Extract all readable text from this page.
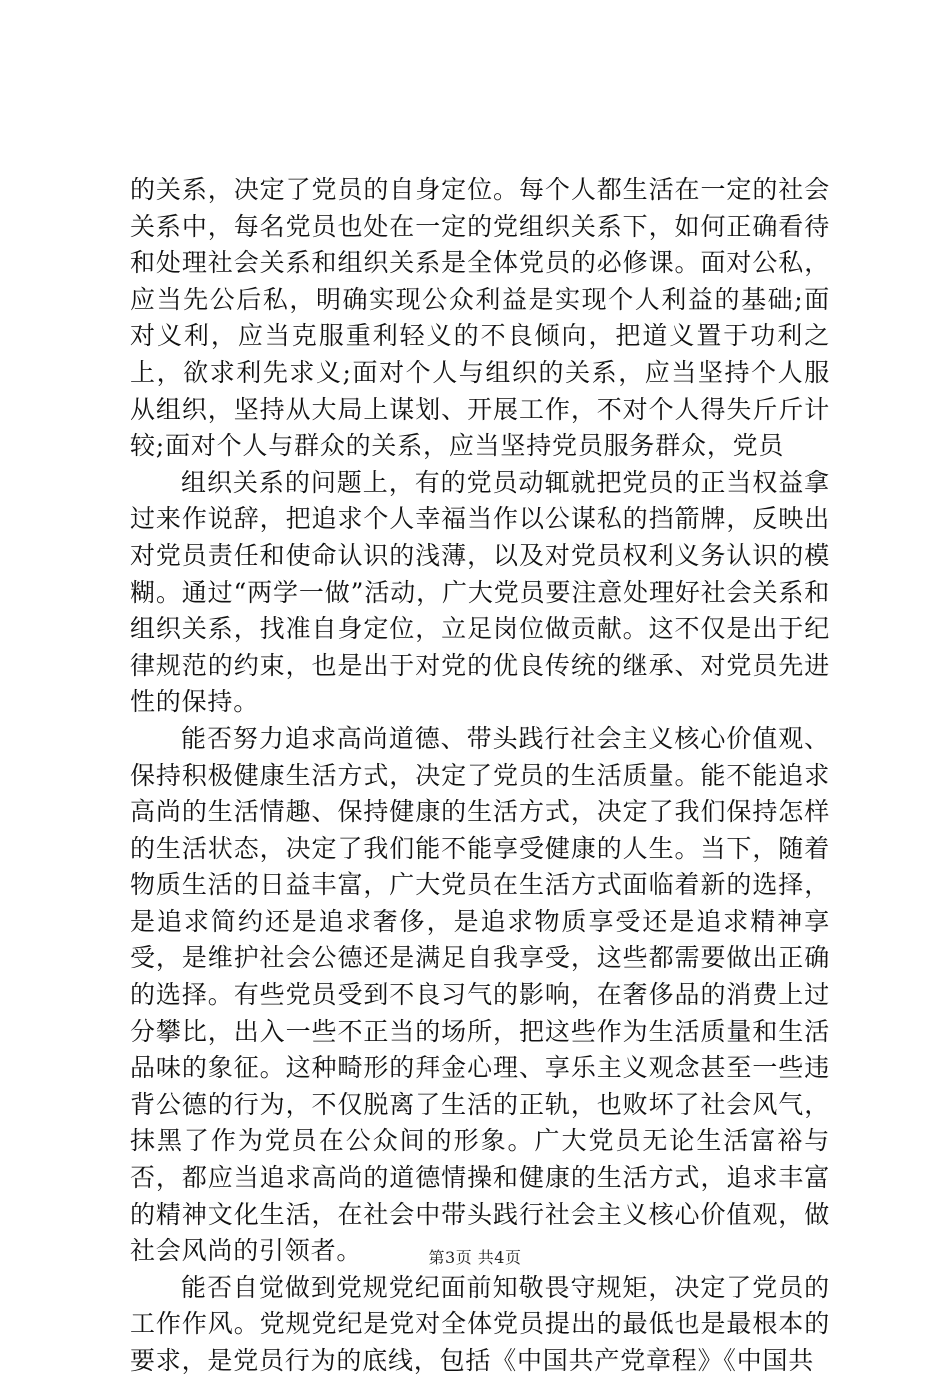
的关系，决定了党员的自身定位。每个人都生活在一定的社会关系中，每名党员也处在一定的党组织关系下，如何正确看待和处理社会关系和组织关系是全体党员的必修课。面对公私，应当先公后私，明确实现公众利益是实现个人利益的基础;面对义利，应当克服重利轻义的不良倾向，把道义置于功利之上，欲求利先求义;面对个人与组织的关系，应当坚持个人服从组织，坚持从大局上谋划、开展工作，不对个人得失斤斤计较;面对个人与群众的关系，应当坚持党员服务群众，党员

组织关系的问题上，有的党员动辄就把党员的正当权益拿过来作说辞，把追求个人幸福当作以公谋私的挡箭牌，反映出对党员责任和使命认识的浅薄，以及对党员权利义务认识的模糊。通过“两学一做”活动，广大党员要注意处理好社会关系和组织关系，找准自身定位，立足岗位做贡献。这不仅是出于纪律规范的约束，也是出于对党的优良传统的继承、对党员先进性的保持。

能否努力追求高尚道德、带头践行社会主义核心价值观、保持积极健康生活方式，决定了党员的生活质量。能不能追求高尚的生活情趣、保持健康的生活方式，决定了我们保持怎样的生活状态，决定了我们能不能享受健康的人生。当下，随着物质生活的日益丰富，广大党员在生活方式面临着新的选择，是追求简约还是追求奢侈，是追求物质享受还是追求精神享受，是维护社会公德还是满足自我享受，这些都需要做出正确的选择。有些党员受到不良习气的影响，在奢侈品的消费上过分攀比，出入一些不正当的场所，把这些作为生活质量和生活品味的象征。这种畸形的拜金心理、享乐主义观念甚至一些违背公德的行为，不仅脱离了生活的正轨，也败坏了社会风气，抹黑了作为党员在公众间的形象。广大党员无论生活富裕与否，都应当追求高尚的道德情操和健康的生活方式，追求丰富的精神文化生活，在社会中带头践行社会主义核心价值观，做社会风尚的引领者。

能否自觉做到党规党纪面前知敬畏守规矩，决定了党员的工作作风。党规党纪是党对全体党员提出的最低也是最根本的要求，是党员行为的底线，包括《中国共产党章程》《中国共

第3页 共4页
